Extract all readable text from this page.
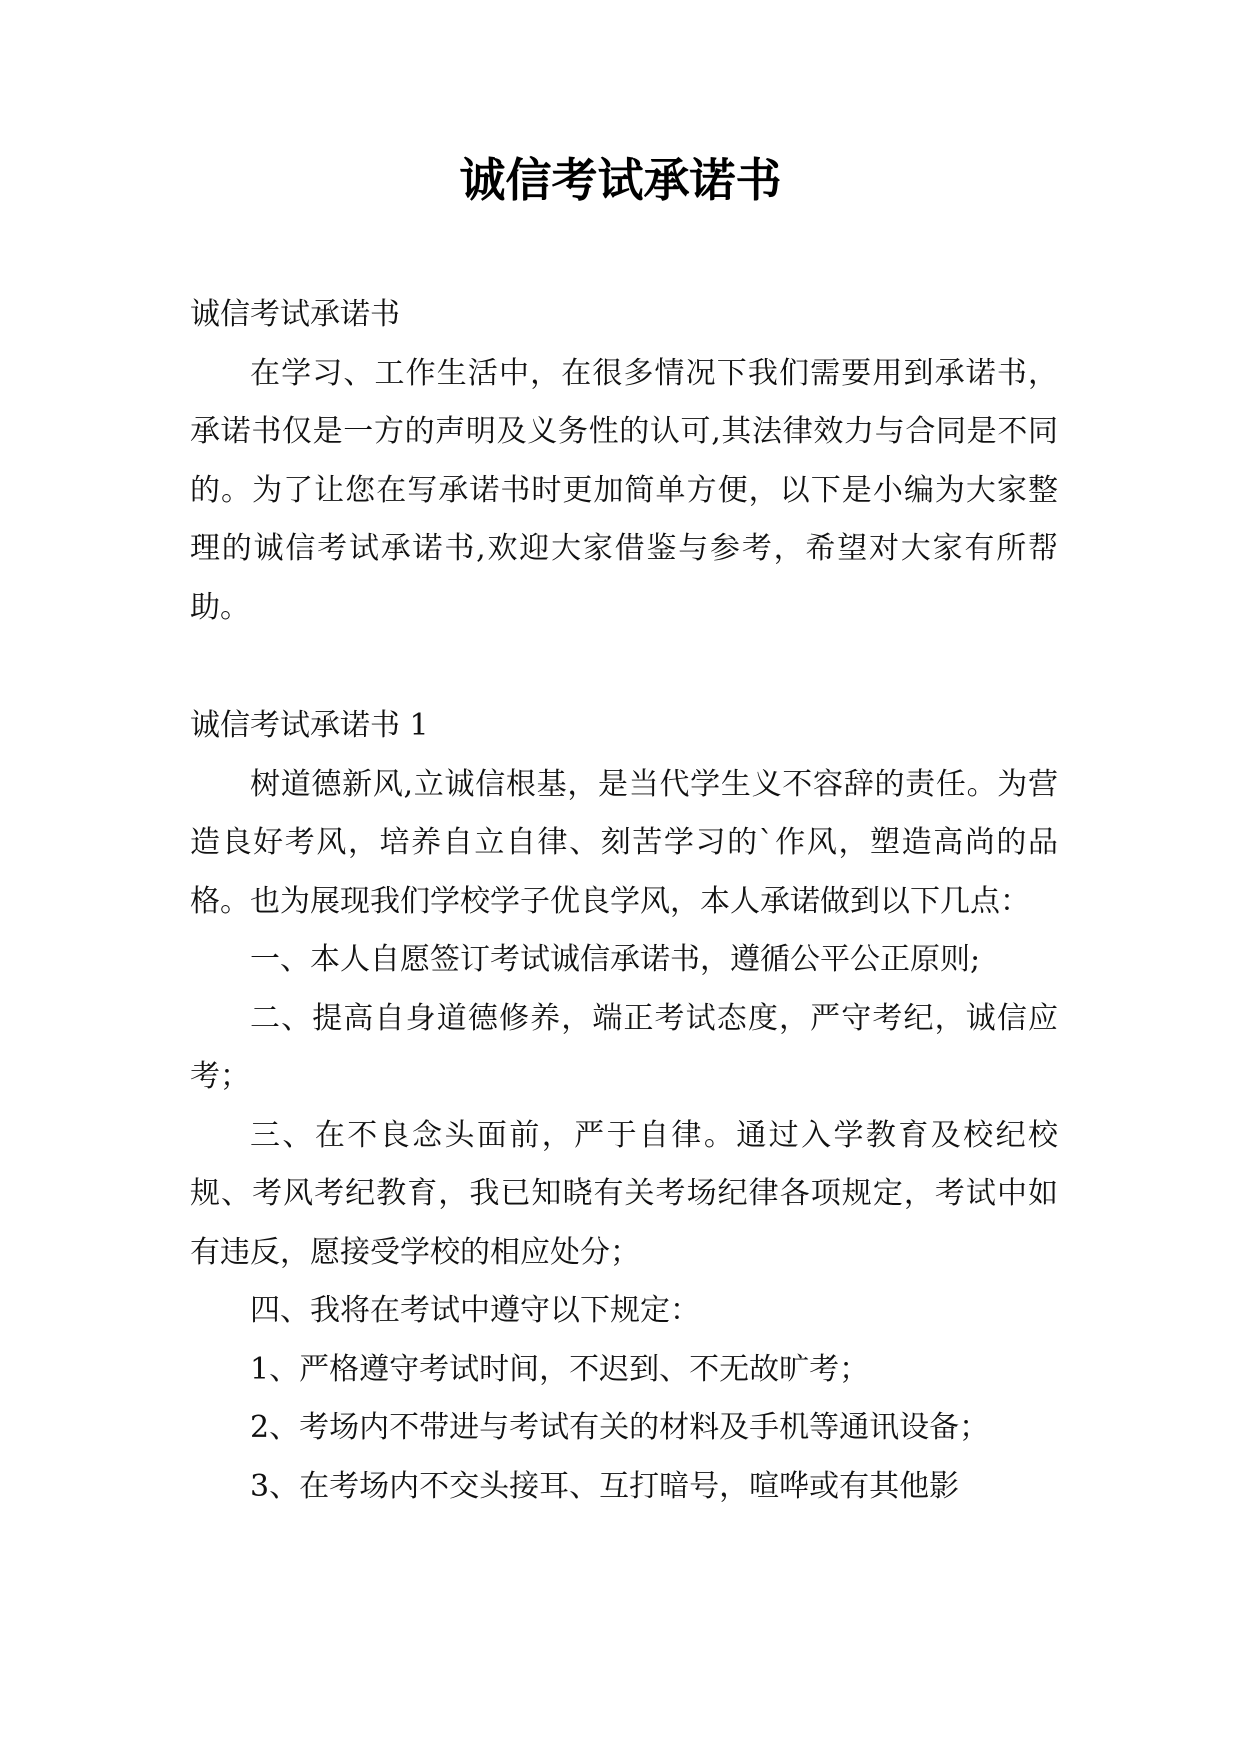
诚信考试承诺书

诚信考试承诺书

在学习、工作生活中，在很多情况下我们需要用到承诺书，承诺书仅是一方的声明及义务性的认可,其法律效力与合同是不同的。为了让您在写承诺书时更加简单方便，以下是小编为大家整理的诚信考试承诺书,欢迎大家借鉴与参考，希望对大家有所帮助。

诚信考试承诺书 1

树道德新风,立诚信根基，是当代学生义不容辞的责任。为营造良好考风，培养自立自律、刻苦学习的`作风，塑造高尚的品格。也为展现我们学校学子优良学风，本人承诺做到以下几点：

一、本人自愿签订考试诚信承诺书，遵循公平公正原则;

二、提高自身道德修养，端正考试态度，严守考纪，诚信应考；

三、在不良念头面前，严于自律。通过入学教育及校纪校规、考风考纪教育，我已知晓有关考场纪律各项规定，考试中如有违反，愿接受学校的相应处分；

四、我将在考试中遵守以下规定：

1、严格遵守考试时间，不迟到、不无故旷考；

2、考场内不带进与考试有关的材料及手机等通讯设备；

3、在考场内不交头接耳、互打暗号，喧哗或有其他影
